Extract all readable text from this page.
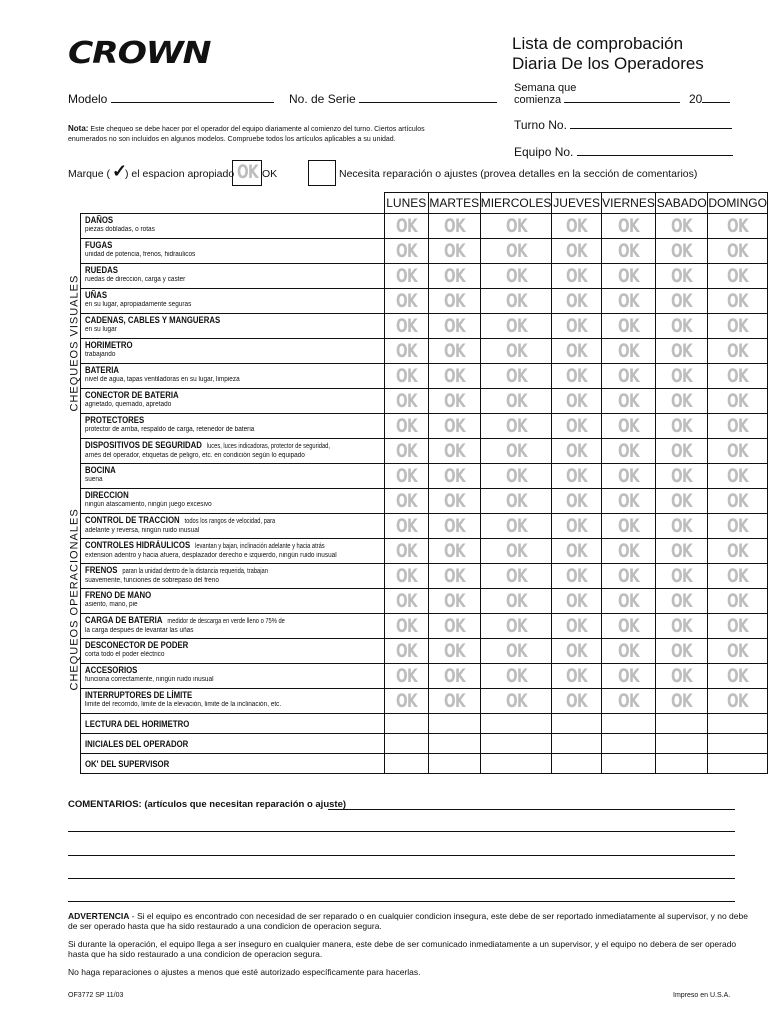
CROWN	Lista de comprobación
Diaria De los Operadores
Modelo	No. de Serie
Semana que
comienza	20
Turno No.
Equipo No.
Nota: Este chequeo se debe hacer por el operador del equipo diariamente al comienzo del turno. Ciertos artículos enumerados no son incluidos en algunos modelos. Compruebe todos los artículos aplicables a su unidad.
Marque ( ✓
) el espacion apropiado OK OK	Necesita reparación o ajustes (provea detalles en la sección de comentarios)
CHEQUEOS VISUALES
CHEQUEOS OPERACIONALES
	LUNES	MARTES	MIERCOLES	JUEVES	VIERNES	SABADO	DOMINGO

DAÑOS
piezas dobladas, o rotas	OK	OK	OK	OK	OK	OK	OK

FUGAS
unidad de potencia, frenos, hidraulicos	OK	OK	OK	OK	OK	OK	OK

RUEDAS
ruedas de direccion, carga y caster	OK	OK	OK	OK	OK	OK	OK

UÑAS
en su lugar, apropiadamente seguras	OK	OK	OK	OK	OK	OK	OK

CADENAS, CABLES Y MANGUERAS
en su lugar	OK	OK	OK	OK	OK	OK	OK

HORIMETRO
trabajando	OK	OK	OK	OK	OK	OK	OK

BATERIA
nivel de agua, tapas ventiladoras en su lugar, limpieza	OK	OK	OK	OK	OK	OK	OK

CONECTOR DE BATERIA
agrietado, quemado, apretado	OK	OK	OK	OK	OK	OK	OK

PROTECTORES
protector de arriba, respaldo de carga, retenedor de bateria	OK	OK	OK	OK	OK	OK	OK

DISPOSITIVOS DE SEGURIDAD luces, luces indicadoras, protector de seguridad,
arnés del operador, etiquetas de peligro, etc. en condición según lo equipado	OK	OK	OK	OK	OK	OK	OK

BOCINA
suena	OK	OK	OK	OK	OK	OK	OK

DIRECCION
ningún atascamiento, ningún juego excesivo	OK	OK	OK	OK	OK	OK	OK

CONTROL DE TRACCION todos los rangos de velocidad, para
adelante y reversa, ningún ruido inusual	OK	OK	OK	OK	OK	OK	OK

CONTROLES HIDRÁULICOS levantan y bajan, inclinación adelante y hacia atrás
extension adentro y hacia afuera, desplazador derecho e izquierdo, ningún ruido inusual	OK	OK	OK	OK	OK	OK	OK

FRENOS paran la unidad dentro de la distancia requerida, trabajan
suavemente, funciones de sobrepaso del freno	OK	OK	OK	OK	OK	OK	OK

FRENO DE MANO
asiento, mano, pie	OK	OK	OK	OK	OK	OK	OK

CARGA DE BATERIA medidor de descarga en verde lleno o 75% de
la carga después de levantar las uñas	OK	OK	OK	OK	OK	OK	OK

DESCONECTOR DE PODER
corta todo el poder eléctrico	OK	OK	OK	OK	OK	OK	OK

ACCESORIOS
funciona correctamente, ningún ruido inusual	OK	OK	OK	OK	OK	OK	OK

INTERRUPTORES DE LÍMITE
limite del recorrido, limite de la elevación, limite de la inclinación, etc.	OK	OK	OK	OK	OK	OK	OK

LECTURA DEL HORIMETRO							

INICIALES DEL OPERADOR							

OK' DEL SUPERVISOR							

COMENTARIOS: (artículos que necesitan reparación o ajuste)
ADVERTENCIA - Si el equipo es encontrado con necesidad de ser reparado o en cualquier condicion insegura, este debe de ser reportado inmediatamente al supervisor, y no debe de ser operado hasta que ha sido restaurado a una condicion de operacion segura.
Si durante la operación, el equipo llega a ser inseguro en cualquier manera, este debe de ser comunicado inmediatamente a un supervisor, y el equipo no debera de ser operado hasta que ha sido restaurado a una condicion de operacion segura.
No haga reparaciones o ajustes a menos que esté autorizado específicamente para hacerlas.
OF3772 SP 11/03	Impreso en U.S.A.
